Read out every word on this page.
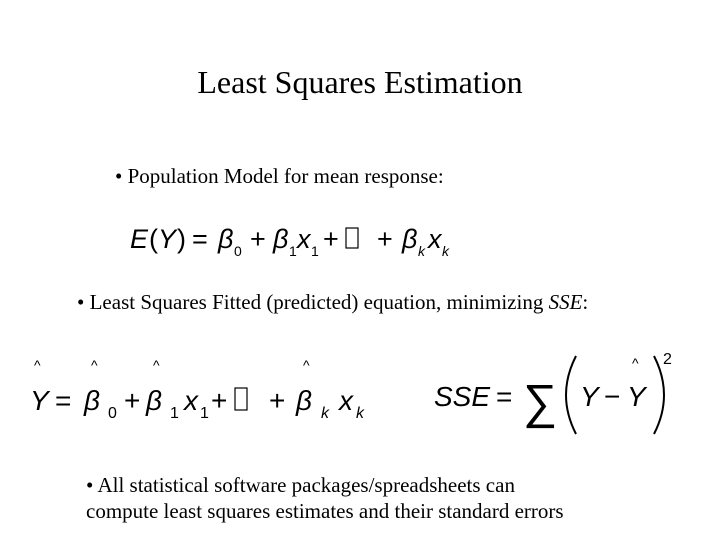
Least Squares Estimation
• Population Model for mean response:
E ( Y ) = β 0 + β 1 x 1 + + β k x k
• Least Squares Fitted (predicted) equation, minimizing SSE:
^
Y =
^
β 0 +
^
β 1 x 1 + +
^
β k x k
SSE = ∑ Y −
^
Y
2
• All statistical software packages/spreadsheets can
compute least squares estimates and their standard errors
